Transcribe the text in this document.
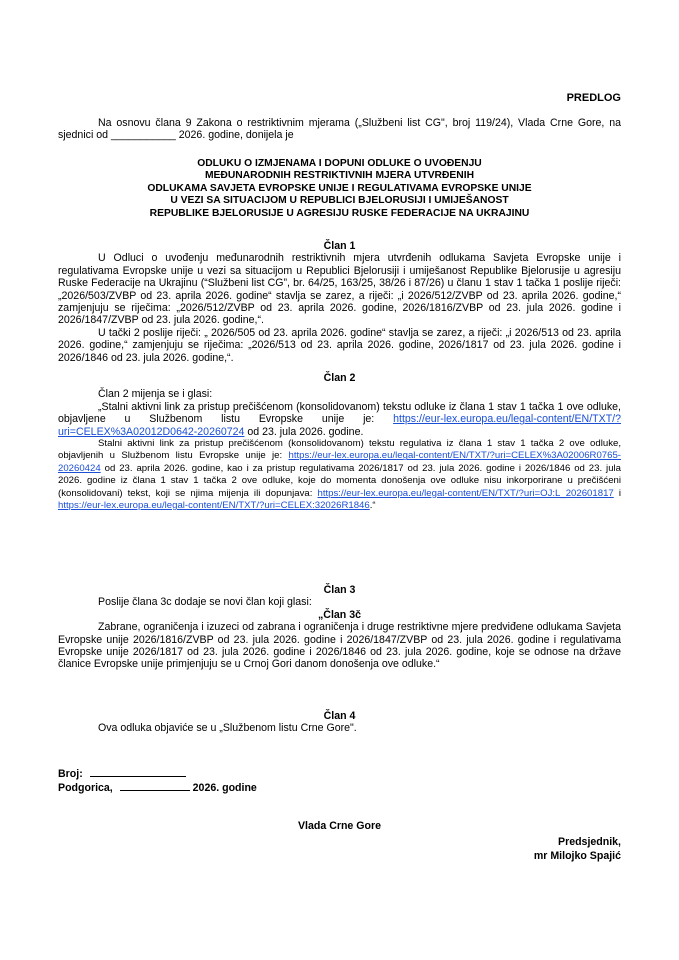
PREDLOG
Na osnovu člana 9 Zakona o restriktivnim mjerama („Službeni list CG", broj 119/24), Vlada Crne Gore, na sjednici od ___________ 2026. godine, donijela je
ODLUKU O IZMJENAMA I DOPUNI ODLUKE O UVOĐENJU
MEĐUNARODNIH RESTRIKTIVNIH MJERA UTVRĐENIH
ODLUKAMA SAVJETA EVROPSKE UNIJE I REGULATIVAMA EVROPSKE UNIJE
U VEZI SA SITUACIJOM U REPUBLICI BJELORUSIJI I UMIJEŠANOST
REPUBLIKE BJELORUSIJE U AGRESIJU RUSKE FEDERACIJE NA UKRAJINU

Član 1

U Odluci o uvođenju međunarodnih restriktivnih mjera utvrđenih odlukama Savjeta Evropske unije i regulativama Evropske unije u vezi sa situacijom u Republici Bjelorusiji i umiješanost Republike Bjelorusije u agresiju Ruske Federacije na Ukrajinu (“Službeni list CG”, br. 64/25, 163/25, 38/26 i 87/26) u članu 1 stav 1 tačka 1 poslije riječi: „2026/503/ZVBP od 23. aprila 2026. godine“ stavlja se zarez, a riječi: „i 2026/512/ZVBP od 23. aprila 2026. godine,“ zamjenjuju se riječima: „2026/512/ZVBP od 23. aprila 2026. godine, 2026/1816/ZVBP od 23. jula 2026. godine i 2026/1847/ZVBP od 23. jula 2026. godine,“.

U tački 2 poslije riječi: „ 2026/505 od 23. aprila 2026. godine“ stavlja se zarez, a riječi: „i 2026/513 od 23. aprila 2026. godine,“ zamjenjuju se riječima: „2026/513 od 23. aprila 2026. godine, 2026/1817 od 23. jula 2026. godine i 2026/1846 od 23. jula 2026. godine,“.

Član 2

Član 2 mijenja se i glasi:

„Stalni aktivni link za pristup prečišćenom (konsolidovanom) tekstu odluke iz člana 1 stav 1 tačka 1 ove odluke, objavljene u Službenom listu Evropske unije je: https://eur-lex.europa.eu/legal-content/EN/TXT/?uri=CELEX%3A02012D0642-20260724 od 23. jula 2026. godine.

Stalni aktivni link za pristup prečišćenom (konsolidovanom) tekstu regulativa iz člana 1 stav 1 tačka 2 ove odluke, objavljenih u Službenom listu Evropske unije je: https://eur-lex.europa.eu/legal-content/EN/TXT/?uri=CELEX%3A02006R0765-20260424 od 23. aprila 2026. godine, kao i za pristup regulativama 2026/1817 od 23. jula 2026. godine i 2026/1846 od 23. jula 2026. godine iz člana 1 stav 1 tačka 2 ove odluke, koje do momenta donošenja ove odluke nisu inkorporirane u prečišćeni (konsolidovani) tekst, koji se njima mijenja ili dopunjava: https://eur-lex.europa.eu/legal-content/EN/TXT/?uri=OJ:L_202601817 i https://eur-lex.europa.eu/legal-content/EN/TXT/?uri=CELEX:32026R1846.“

Član 3

Poslije člana 3c dodaje se novi član koji glasi:

„Član 3č

Zabrane, ograničenja i izuzeci od zabrana i ograničenja i druge restriktivne mjere predviđene odlukama Savjeta Evropske unije 2026/1816/ZVBP od 23. jula 2026. godine i 2026/1847/ZVBP od 23. jula 2026. godine i regulativama Evropske unije 2026/1817 od 23. jula 2026. godine i 2026/1846 od 23. jula 2026. godine, koje se odnose na države članice Evropske unije primjenjuju se u Crnoj Gori danom donošenja ove odluke.“

Član 4

Ova odluka objaviće se u „Službenom listu Crne Gore".

Broj:
Podgorica,	2026. godine
Vlada Crne Gore
Predsjednik,
mr Milojko Spajić
